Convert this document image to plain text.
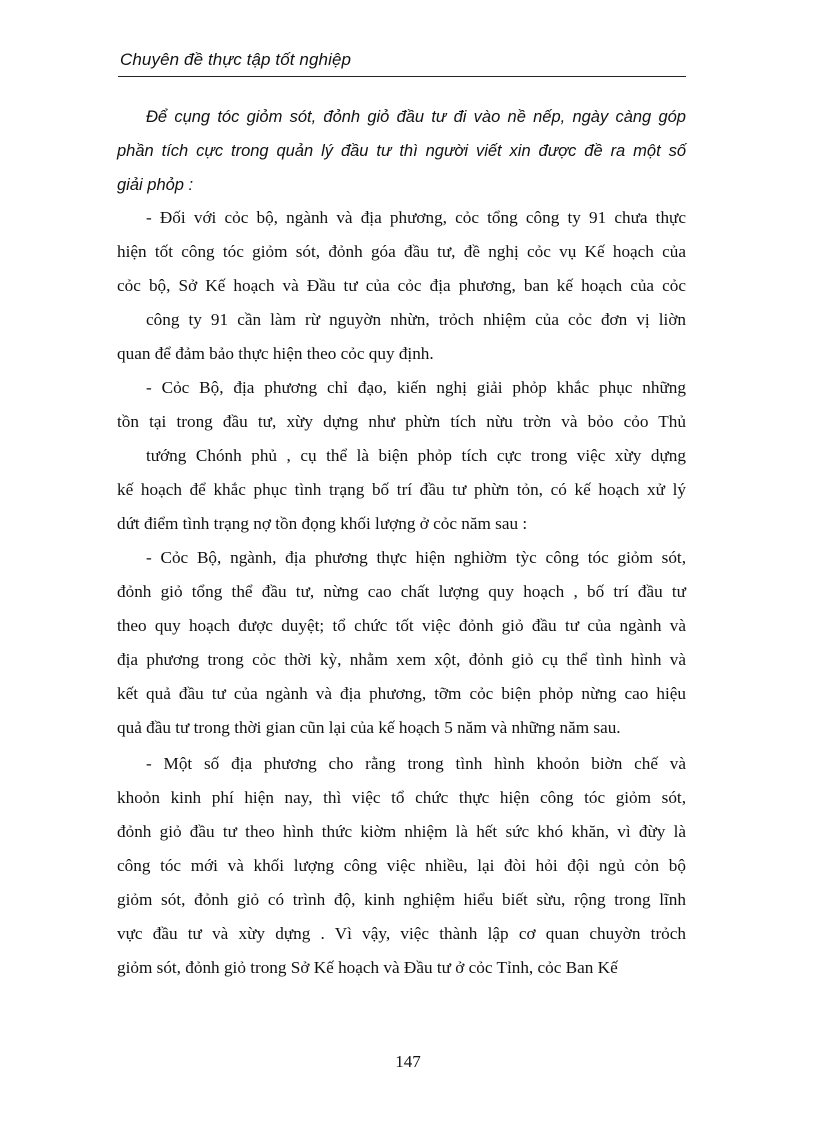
Chuyên đề thực tập tốt nghiệp
Để cụng tóc giỏm sót, đỏnh giỏ đầu tư đi vào nề nếp, ngày càng góp
phần tích cực trong quản lý đầu tư thì người viết xin được đề ra một số
giải phỏp :
- Đối với cỏc bộ, ngành và địa phương, cỏc tổng công ty 91 chưa thực
hiện tốt công tóc giỏm sót, đỏnh góa đầu tư, đề nghị cỏc vụ Kế hoạch của
cỏc bộ, Sở Kế hoạch và Đầu tư của cỏc địa phương, ban kế hoạch của cỏc
công ty 91 cần làm rừ nguyờn nhừn, trỏch nhiệm của cỏc đơn vị liờn
quan để đảm bảo thực hiện theo cỏc quy định.
- Cỏc Bộ, địa phương chỉ đạo, kiến nghị giải phỏp khắc phục những
tồn tại trong đầu tư, xừy dựng như phừn tích nừu trờn và bỏo cỏo Thủ
tướng Chónh phủ , cụ thể là biện phỏp tích cực trong việc xừy dựng
kế hoạch để khắc phục tình trạng bố trí đầu tư phừn tỏn, có kế hoạch xử lý
dứt điểm tình trạng nợ tồn đọng khối lượng ở cỏc năm sau :
- Cỏc Bộ, ngành, địa phương thực hiện nghiờm tỳc công tóc giỏm sót,
đỏnh giỏ tổng thể đầu tư, nừng cao chất lượng quy hoạch , bố trí đầu tư
theo quy hoạch được duyệt; tổ chức tốt việc đỏnh giỏ đầu tư của ngành và
địa phương trong cỏc thời kỳ, nhằm xem xột, đỏnh giỏ cụ thể tình hình và
kết quả đầu tư của ngành và địa phương, tỡm cỏc biện phỏp nừng cao hiệu
quả đầu tư trong thời gian cũn lại của kế hoạch 5 năm và những năm sau.
- Một số địa phương cho rằng trong tình hình khoỏn biờn chế và
khoỏn kinh phí hiện nay, thì việc tổ chức thực hiện công tóc giỏm sót,
đỏnh giỏ đầu tư theo hình thức kiờm nhiệm là hết sức khó khăn, vì đừy là
công tóc mới và khối lượng công việc nhiều, lại đòi hỏi đội ngủ cỏn bộ
giỏm sót, đỏnh giỏ có trình độ, kinh nghiệm hiểu biết sừu, rộng trong lĩnh
vực đầu tư và xừy dựng . Vì vậy, việc thành lập cơ quan chuyờn trỏch
giỏm sót, đỏnh giỏ trong Sở Kế hoạch và Đầu tư ở cỏc Tỉnh, cỏc Ban Kế
147
